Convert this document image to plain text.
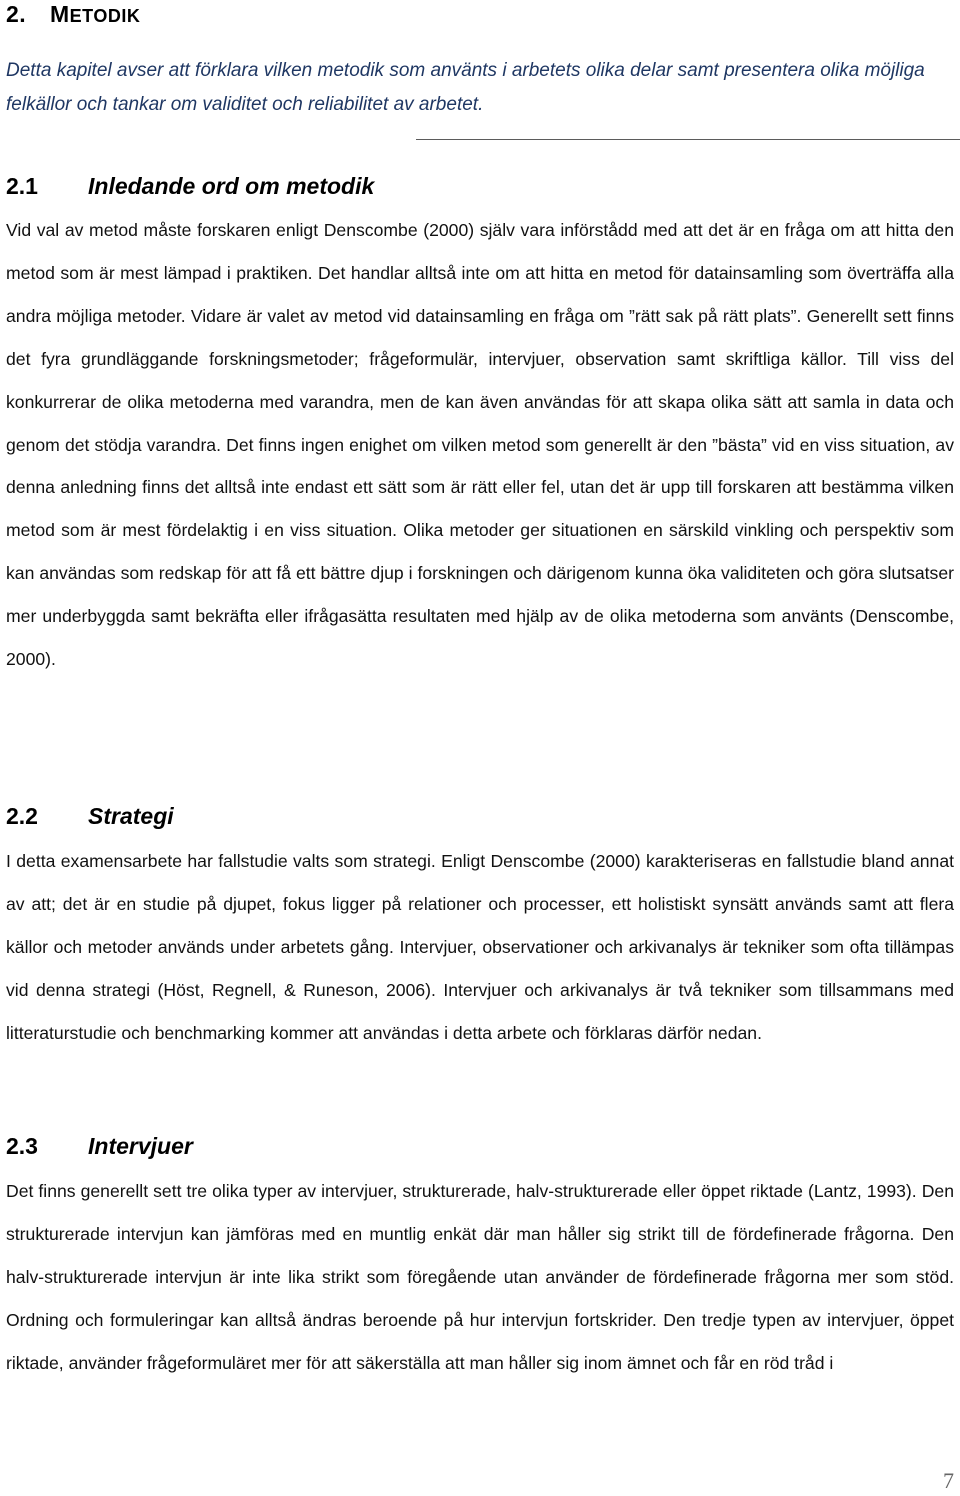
2. METODIK
Detta kapitel avser att förklara vilken metodik som använts i arbetets olika delar samt presentera olika möjliga felkällor och tankar om validitet och reliabilitet av arbetet.
2.1 Inledande ord om metodik
Vid val av metod måste forskaren enligt Denscombe (2000) själv vara införstådd med att det är en fråga om att hitta den metod som är mest lämpad i praktiken. Det handlar alltså inte om att hitta en metod för datainsamling som överträffa alla andra möjliga metoder. Vidare är valet av metod vid datainsamling en fråga om ”rätt sak på rätt plats”. Generellt sett finns det fyra grundläggande forskningsmetoder; frågeformulär, intervjuer, observation samt skriftliga källor. Till viss del konkurrerar de olika metoderna med varandra, men de kan även användas för att skapa olika sätt att samla in data och genom det stödja varandra. Det finns ingen enighet om vilken metod som generellt är den ”bästa” vid en viss situation, av denna anledning finns det alltså inte endast ett sätt som är rätt eller fel, utan det är upp till forskaren att bestämma vilken metod som är mest fördelaktig i en viss situation. Olika metoder ger situationen en särskild vinkling och perspektiv som kan användas som redskap för att få ett bättre djup i forskningen och därigenom kunna öka validiteten och göra slutsatser mer underbyggda samt bekräfta eller ifrågasätta resultaten med hjälp av de olika metoderna som använts (Denscombe, 2000).
2.2 Strategi
I detta examensarbete har fallstudie valts som strategi. Enligt Denscombe (2000) karakteriseras en fallstudie bland annat av att; det är en studie på djupet, fokus ligger på relationer och processer, ett holistiskt synsätt används samt att flera källor och metoder används under arbetets gång. Intervjuer, observationer och arkivanalys är tekniker som ofta tillämpas vid denna strategi (Höst, Regnell, & Runeson, 2006). Intervjuer och arkivanalys är två tekniker som tillsammans med litteraturstudie och benchmarking kommer att användas i detta arbete och förklaras därför nedan.
2.3 Intervjuer
Det finns generellt sett tre olika typer av intervjuer, strukturerade, halv-strukturerade eller öppet riktade (Lantz, 1993). Den strukturerade intervjun kan jämföras med en muntlig enkät där man håller sig strikt till de fördefinerade frågorna. Den halv-strukturerade intervjun är inte lika strikt som föregående utan använder de fördefinerade frågorna mer som stöd. Ordning och formuleringar kan alltså ändras beroende på hur intervjun fortskrider. Den tredje typen av intervjuer, öppet riktade, använder frågeformuläret mer för att säkerställa att man håller sig inom ämnet och får en röd tråd i
7
